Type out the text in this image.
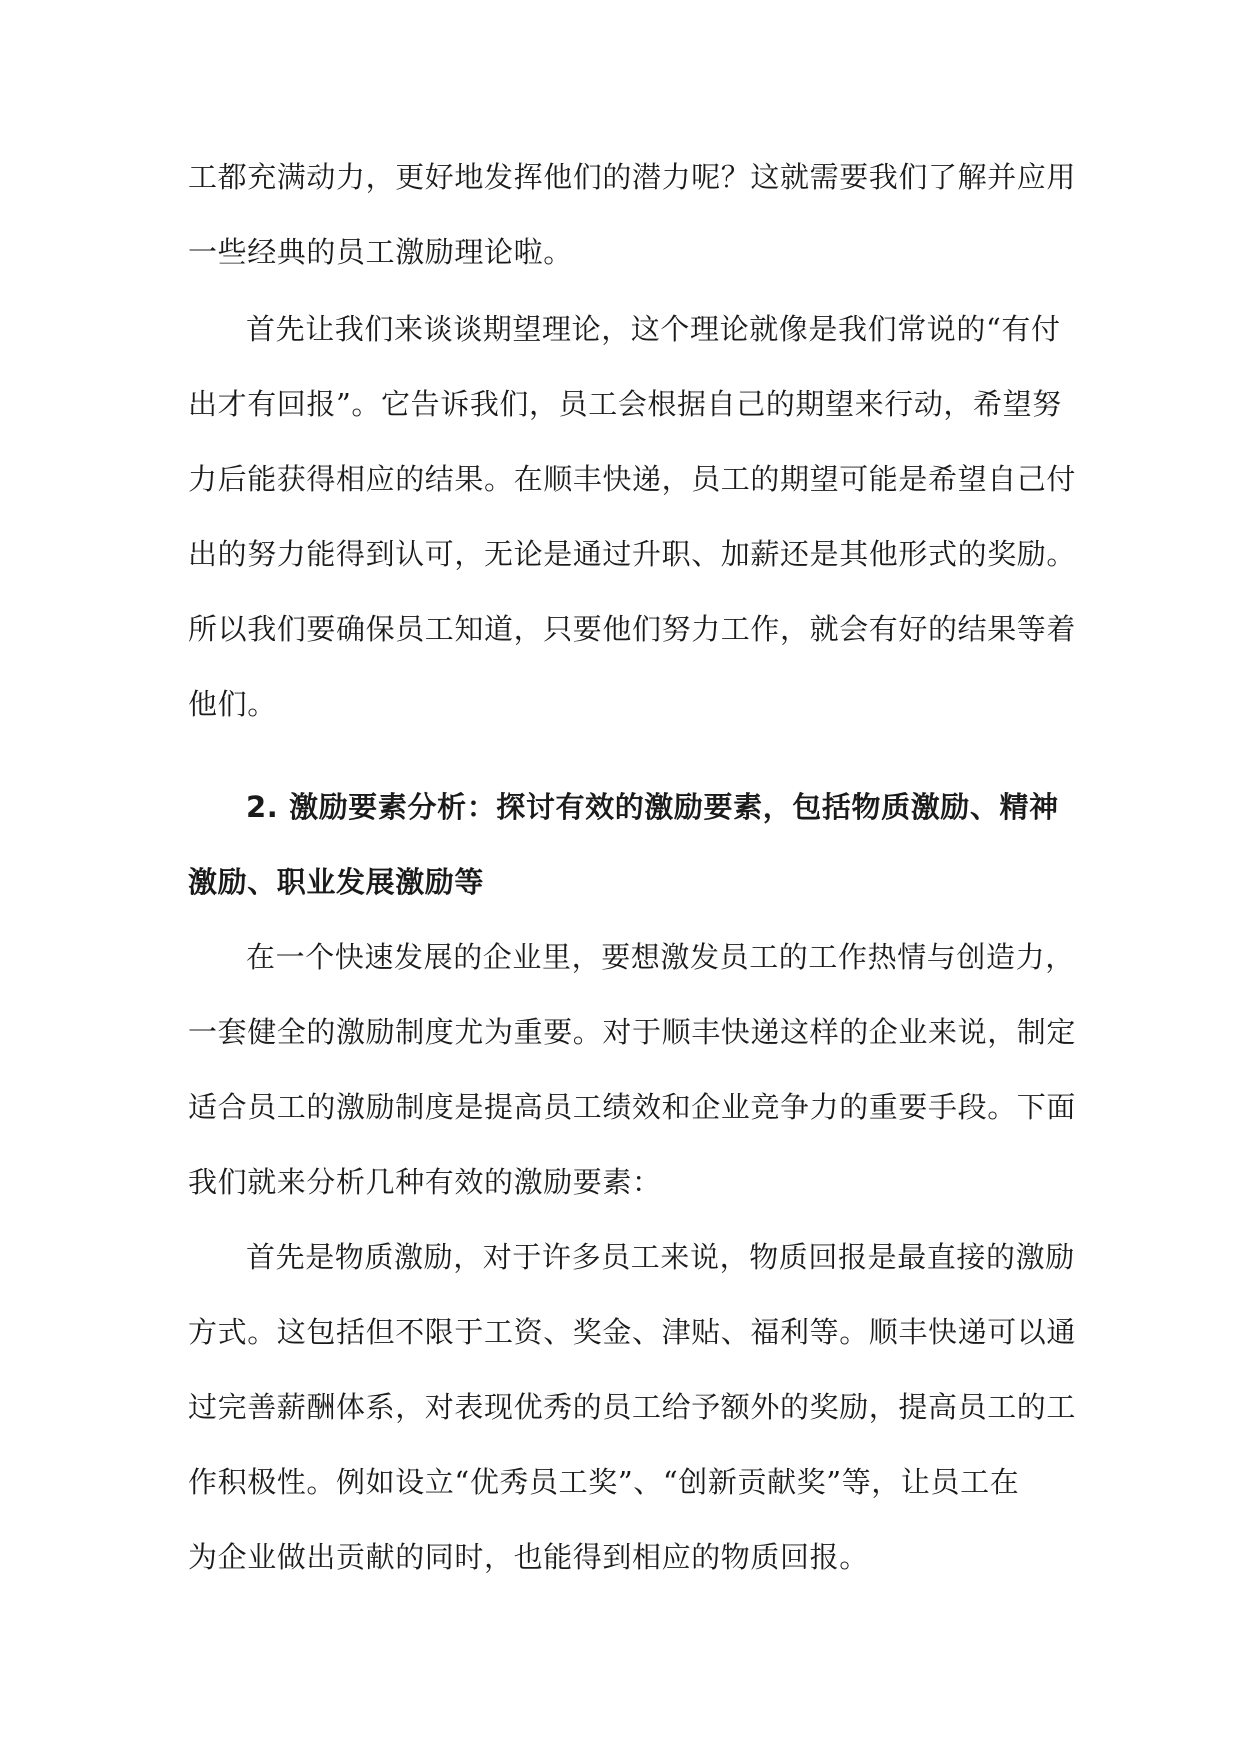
工都充满动力，更好地发挥他们的潜力呢？这就需要我们了解并应用
一些经典的员工激励理论啦。

首先让我们来谈谈期望理论，这个理论就像是我们常说的“有付
出才有回报”。它告诉我们，员工会根据自己的期望来行动，希望努
力后能获得相应的结果。在顺丰快递，员工的期望可能是希望自己付
出的努力能得到认可，无论是通过升职、加薪还是其他形式的奖励。
所以我们要确保员工知道，只要他们努力工作，就会有好的结果等着
他们。

2. 激励要素分析：探讨有效的激励要素，包括物质激励、精神
激励、职业发展激励等

在一个快速发展的企业里，要想激发员工的工作热情与创造力，
一套健全的激励制度尤为重要。对于顺丰快递这样的企业来说，制定
适合员工的激励制度是提高员工绩效和企业竞争力的重要手段。下面
我们就来分析几种有效的激励要素：

首先是物质激励，对于许多员工来说，物质回报是最直接的激励
方式。这包括但不限于工资、奖金、津贴、福利等。顺丰快递可以通
过完善薪酬体系，对表现优秀的员工给予额外的奖励，提高员工的工
作积极性。例如设立“优秀员工奖”、“创新贡献奖”等，让员工在
为企业做出贡献的同时，也能得到相应的物质回报。
